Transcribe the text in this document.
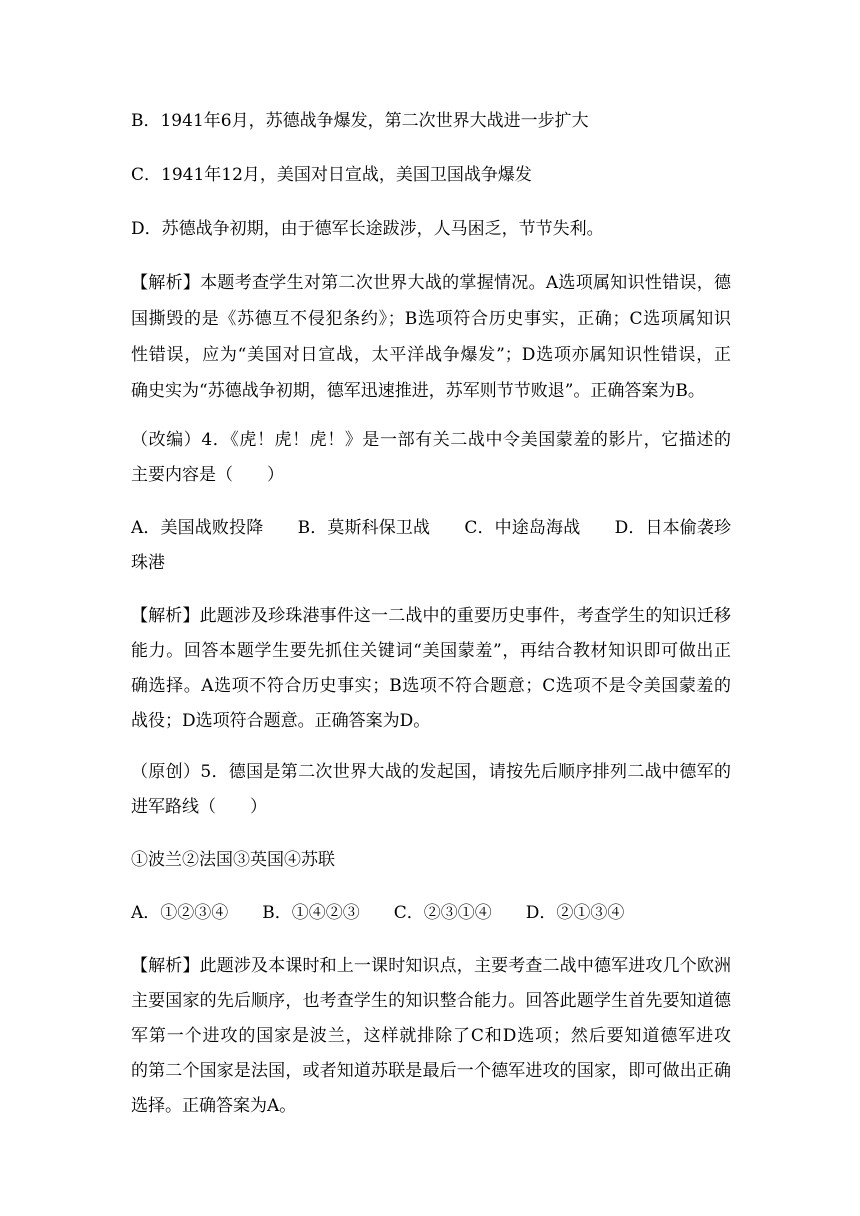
B．1941年6月，苏德战争爆发，第二次世界大战进一步扩大
C．1941年12月，美国对日宣战，美国卫国战争爆发
D．苏德战争初期，由于德军长途跋涉，人马困乏，节节失利。
【解析】本题考查学生对第二次世界大战的掌握情况。A选项属知识性错误，德
国撕毁的是《苏德互不侵犯条约》；B选项符合历史事实，正确；C选项属知识
性错误，应为“美国对日宣战，太平洋战争爆发”；D选项亦属知识性错误，正
确史实为“苏德战争初期，德军迅速推进，苏军则节节败退”。正确答案为B。
（改编）4．《虎！虎！虎！》是一部有关二战中令美国蒙羞的影片，它描述的
主要内容是（　　）
A．美国战败投降　　B．莫斯科保卫战　　C．中途岛海战　　D．日本偷袭珍
珠港
【解析】此题涉及珍珠港事件这一二战中的重要历史事件，考查学生的知识迁移
能力。回答本题学生要先抓住关键词“美国蒙羞”，再结合教材知识即可做出正
确选择。A选项不符合历史事实；B选项不符合题意；C选项不是令美国蒙羞的
战役；D选项符合题意。正确答案为D。
（原创）5．德国是第二次世界大战的发起国，请按先后顺序排列二战中德军的
进军路线（　　）
①波兰②法国③英国④苏联
A．①②③④　　B．①④②③　　C．②③①④　　D．②①③④
【解析】此题涉及本课时和上一课时知识点，主要考查二战中德军进攻几个欧洲
主要国家的先后顺序，也考查学生的知识整合能力。回答此题学生首先要知道德
军第一个进攻的国家是波兰，这样就排除了C和D选项；然后要知道德军进攻
的第二个国家是法国，或者知道苏联是最后一个德军进攻的国家，即可做出正确
选择。正确答案为A。
